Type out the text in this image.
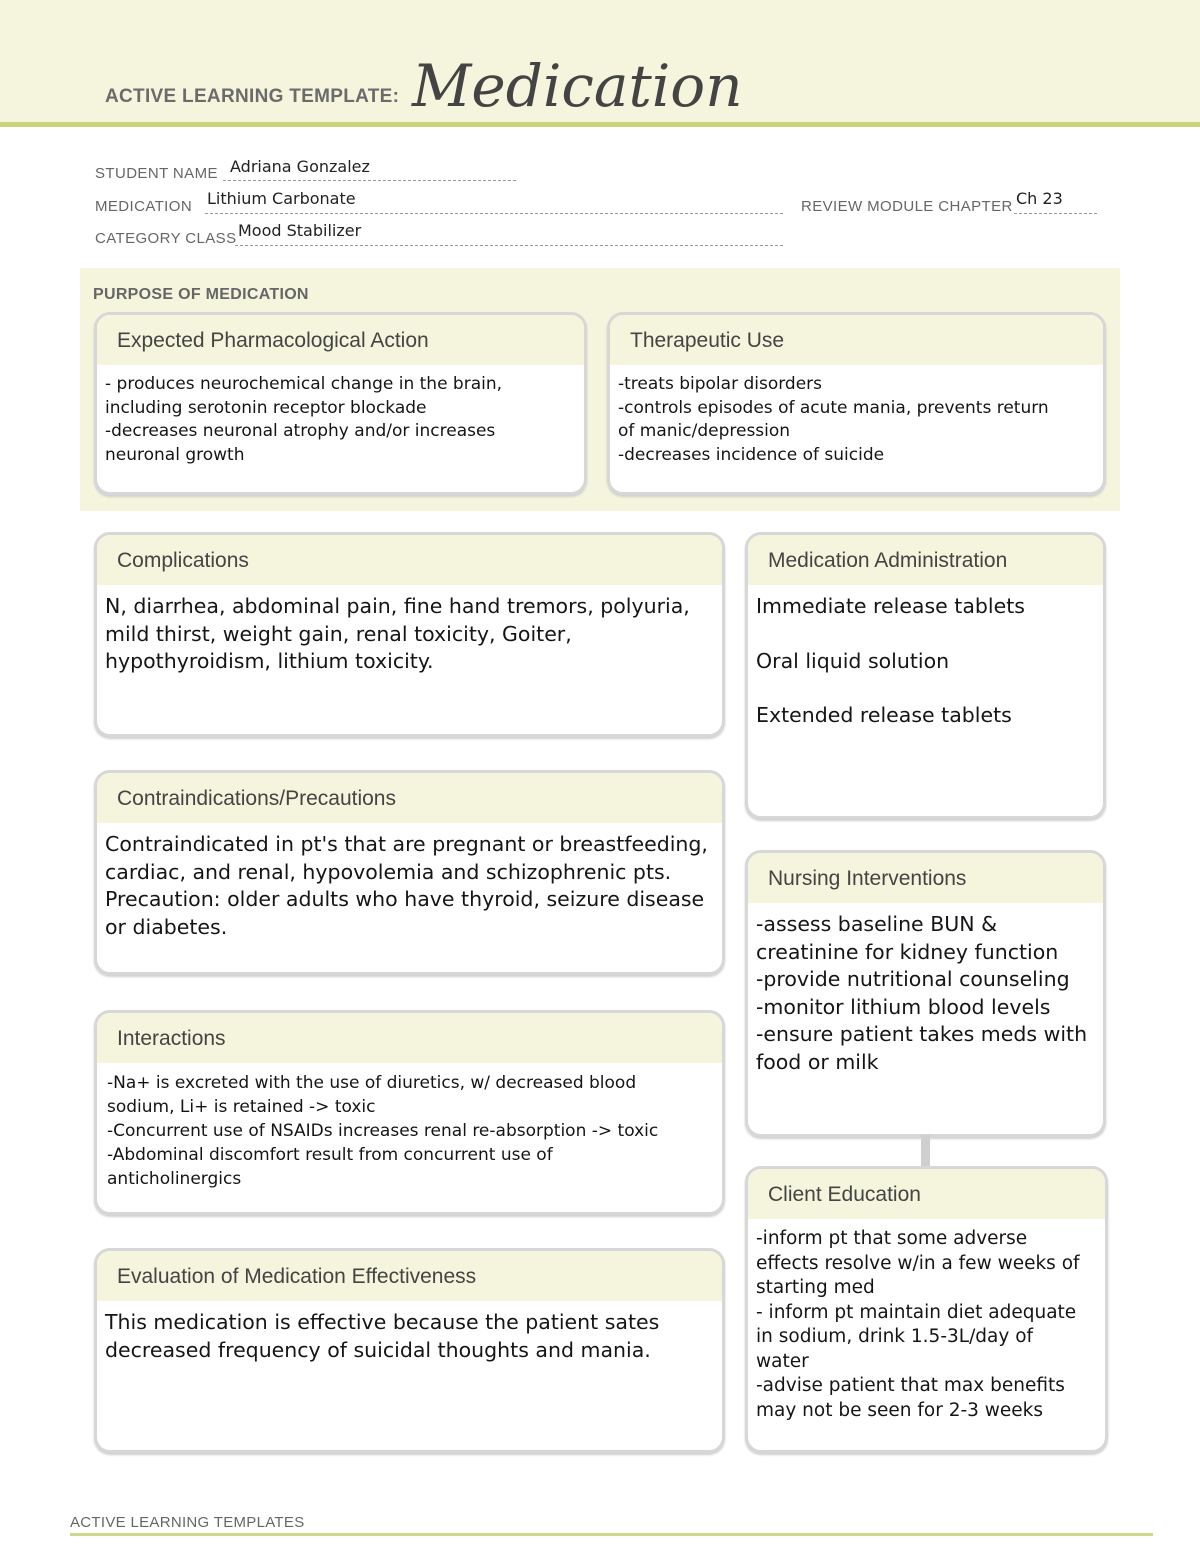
ACTIVE LEARNING TEMPLATE: Medication
STUDENT NAME Adriana Gonzalez
MEDICATION Lithium Carbonate	REVIEW MODULE CHAPTER Ch 23
CATEGORY CLASS Mood Stabilizer
PURPOSE OF MEDICATION
Expected Pharmacological Action
- produces neurochemical change in the brain,
including serotonin receptor blockade
-decreases neuronal atrophy and/or increases
neuronal growth
Therapeutic Use
-treats bipolar disorders
-controls episodes of acute mania, prevents return
of manic/depression
-decreases incidence of suicide
Complications
N, diarrhea, abdominal pain, fine hand tremors, polyuria,
mild thirst, weight gain, renal toxicity, Goiter,
hypothyroidism, lithium toxicity.
Medication Administration
Immediate release tablets
Oral liquid solution
Extended release tablets
Contraindications/Precautions
Contraindicated in pt's that are pregnant or breastfeeding,
cardiac, and renal, hypovolemia and schizophrenic pts.
Precaution: older adults who have thyroid, seizure disease
or diabetes.
Nursing Interventions
-assess baseline BUN &
creatinine for kidney function
-provide nutritional counseling
-monitor lithium blood levels
-ensure patient takes meds with
food or milk
Interactions
-Na+ is excreted with the use of diuretics, w/ decreased blood
sodium, Li+ is retained -> toxic
-Concurrent use of NSAIDs increases renal re-absorption -> toxic
-Abdominal discomfort result from concurrent use of
anticholinergics
Client Education
-inform pt that some adverse
effects resolve w/in a few weeks of
starting med
- inform pt maintain diet adequate
in sodium, drink 1.5-3L/day of
water
-advise patient that max benefits
may not be seen for 2-3 weeks
Evaluation of Medication Effectiveness
This medication is effective because the patient sates
decreased frequency of suicidal thoughts and mania.
ACTIVE LEARNING TEMPLATES
